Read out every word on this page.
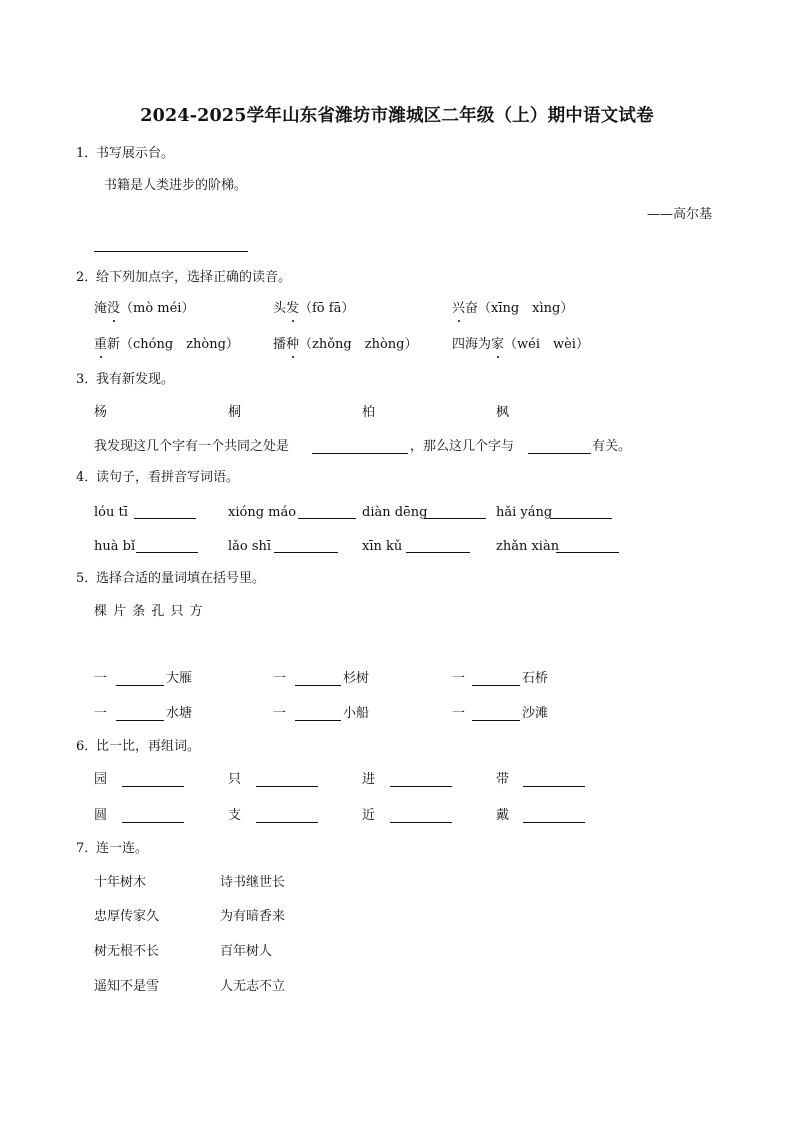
2024-2025学年山东省潍坊市潍城区二年级（上）期中语文试卷
1．
书写展示台。
书籍是人类进步的阶梯。
——高尔基
2．
给下列加点字，选择正确的读音。
淹没（mò méi）	头发（fō fā）	兴奋（xīng　xìng）
重新（chóng　zhòng）	播种（zhǒng　zhòng）	四海为家（wéi　wèi）
3．
我有新发现。
杨	桐	柏	枫
我发现这几个字有一个共同之处是	，那么这几个字与	有关。
4．
读句子，看拼音写词语。
lóu tī	xióng máo	diàn dēng	hǎi yáng
huà bǐ	lǎo shī	xīn kǔ	zhǎn xiàn
5．
选择合适的量词填在括号里。
棵 片 条 孔 只 方
一	大雁	一	杉树	一	石桥
一	水塘	一	小船	一	沙滩
6．
比一比，再组词。
园	只	进	带
圆	支	近	戴
7．
连一连。
十年树木	诗书继世长
忠厚传家久	为有暗香来
树无根不长	百年树人
遥知不是雪	人无志不立
